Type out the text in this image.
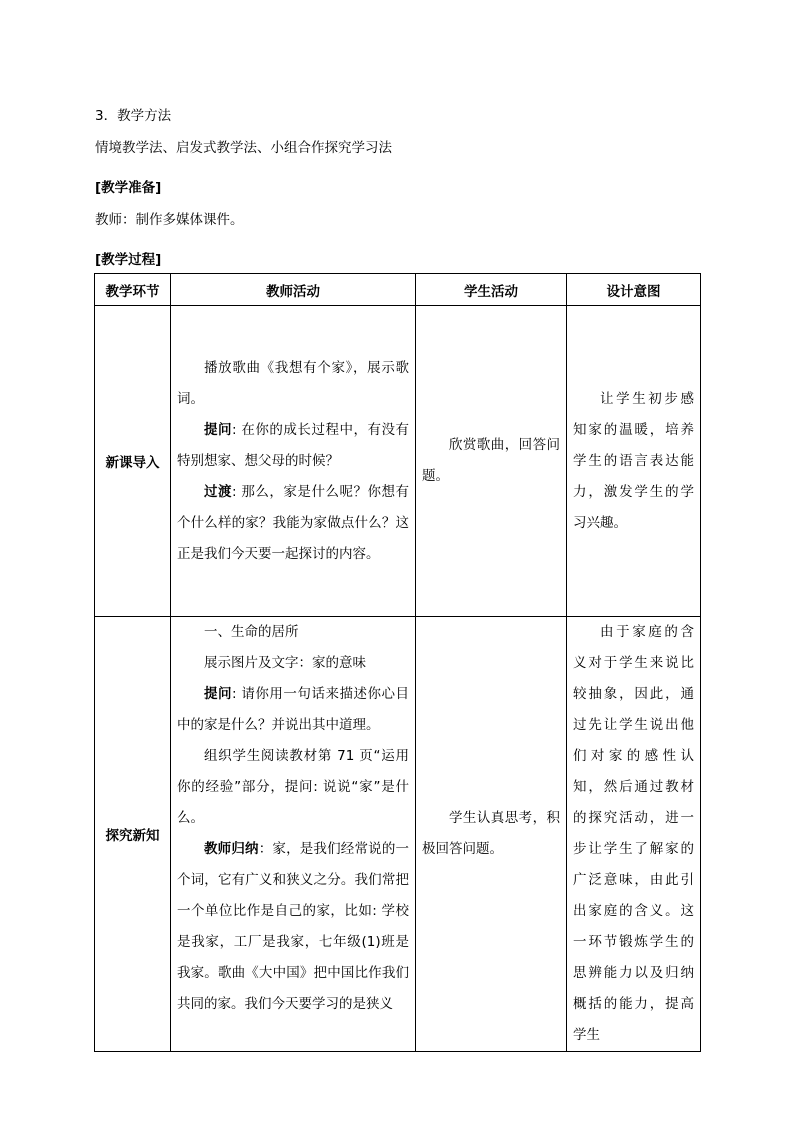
3．教学方法
情境教学法、启发式教学法、小组合作探究学习法
[教学准备]
教师：制作多媒体课件。
[教学过程]
教学环节	教师活动	学生活动	设计意图
新课导入	播放歌曲《我想有个家》，展示歌词。

提问: 在你的成长过程中，有没有特别想家、想父母的时候？

过渡: 那么，家是什么呢？你想有个什么样的家？我能为家做点什么？这正是我们今天要一起探讨的内容。	欣赏歌曲，回答问题。	让学生初步感知家的温暖，培养学生的语言表达能力，激发学生的学习兴趣。

探究新知	一、生命的居所

展示图片及文字：家的意味

提问: 请你用一句话来描述你心目中的家是什么？并说出其中道理。

组织学生阅读教材第 71 页“运用你的经验”部分，提问: 说说“家”是什么。

教师归纳：家，是我们经常说的一个词，它有广义和狭义之分。我们常把一个单位比作是自己的家，比如: 学校是我家，工厂是我家，七年级(1)班是我家。歌曲《大中国》把中国比作我们共同的家。我们今天要学习的是狭义	学生认真思考，积极回答问题。	由于家庭的含义对于学生来说比较抽象，因此，通过先让学生说出他们对家的感性认知，然后通过教材的探究活动，进一步让学生了解家的广泛意味，由此引出家庭的含义。这一环节锻炼学生的思辨能力以及归纳概括的能力，提高学生
